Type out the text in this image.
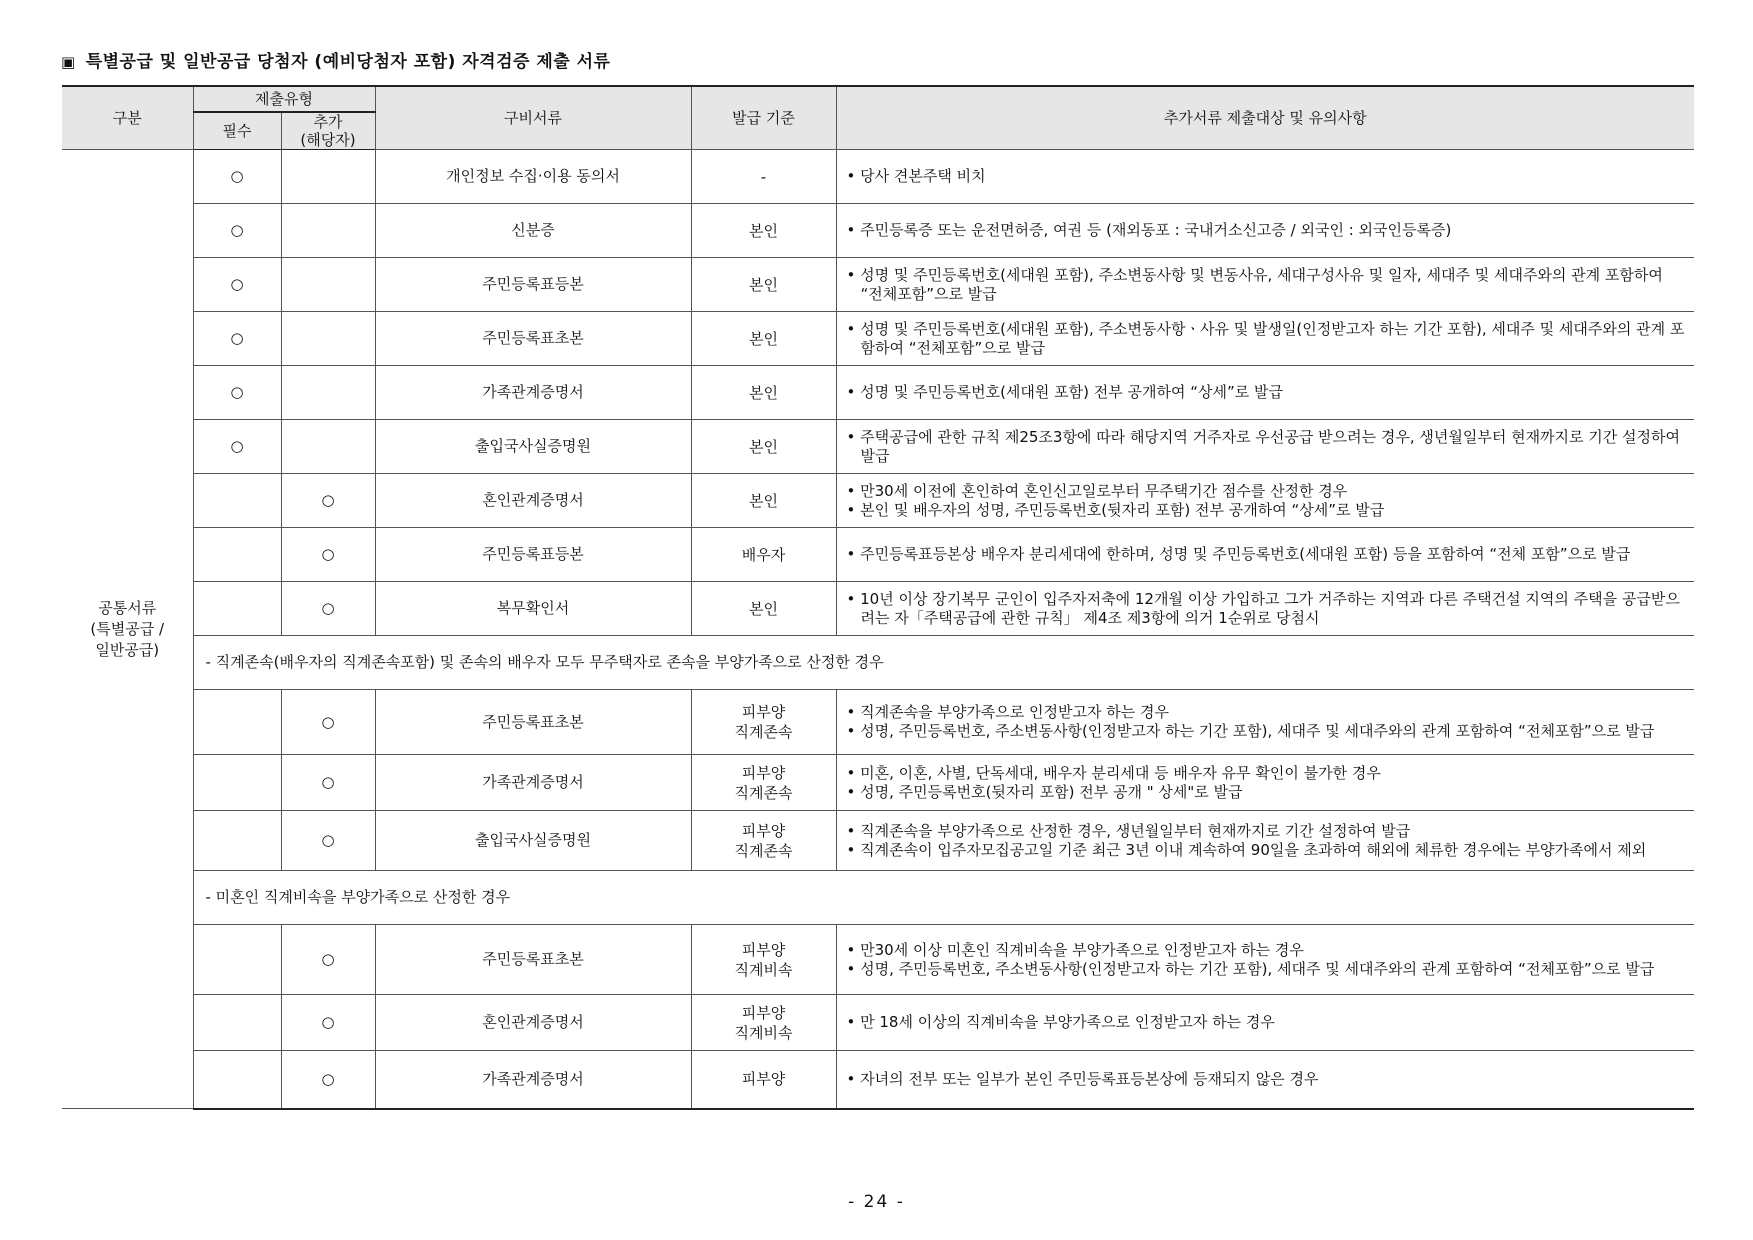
▣ 특별공급 및 일반공급 당첨자 (예비당첨자 포함) 자격검증 제출 서류
구분	제출유형		구비서류	발급 기준	추가서류 제출대상 및 유의사항
	필수	추가
(해당자)			
공통서류
(특별공급 /
일반공급)	○		개인정보 수집·이용 동의서	-	• 당사 견본주택 비치

	○		신분증	본인	• 주민등록증 또는 운전면허증, 여권 등 (재외동포 : 국내거소신고증 / 외국인 : 외국인등록증)

	○		주민등록표등본	본인	• 성명 및 주민등록번호(세대원 포함), 주소변동사항 및 변동사유, 세대구성사유 및 일자, 세대주 및 세대주와의 관계 포함하여 “전체포함”으로 발급

	○		주민등록표초본	본인	• 성명 및 주민등록번호(세대원 포함), 주소변동사항ㆍ사유 및 발생일(인정받고자 하는 기간 포함), 세대주 및 세대주와의 관계 포함하여 “전체포함”으로 발급

	○		가족관계증명서	본인	• 성명 및 주민등록번호(세대원 포함) 전부 공개하여 “상세”로 발급

	○		출입국사실증명원	본인	• 주택공급에 관한 규칙 제25조3항에 따라 해당지역 거주자로 우선공급 받으려는 경우, 생년월일부터 현재까지로 기간 설정하여 발급

		○	혼인관계증명서	본인	• 만30세 이전에 혼인하여 혼인신고일로부터 무주택기간 점수를 산정한 경우
• 본인 및 배우자의 성명, 주민등록번호(뒷자리 포함) 전부 공개하여 “상세”로 발급

		○	주민등록표등본	배우자	• 주민등록표등본상 배우자 분리세대에 한하며, 성명 및 주민등록번호(세대원 포함) 등을 포함하여 “전체 포함”으로 발급

		○	복무확인서	본인	• 10년 이상 장기복무 군인이 입주자저축에 12개월 이상 가입하고 그가 거주하는 지역과 다른 주택건설 지역의 주택을 공급받으려는 자「주택공급에 관한 규칙」 제4조 제3항에 의거 1순위로 당첨시

	- 직계존속(배우자의 직계존속포함) 및 존속의 배우자 모두 무주택자로 존속을 부양가족으로 산정한 경우				
		○	주민등록표초본	피부양
직계존속	• 직계존속을 부양가족으로 인정받고자 하는 경우
• 성명, 주민등록번호, 주소변동사항(인정받고자 하는 기간 포함), 세대주 및 세대주와의 관계 포함하여 “전체포함”으로 발급

		○	가족관계증명서	피부양
직계존속	• 미혼, 이혼, 사별, 단독세대, 배우자 분리세대 등 배우자 유무 확인이 불가한 경우
• 성명, 주민등록번호(뒷자리 포함) 전부 공개 " 상세"로 발급

		○	출입국사실증명원	피부양
직계존속	• 직계존속을 부양가족으로 산정한 경우, 생년월일부터 현재까지로 기간 설정하여 발급
• 직계존속이 입주자모집공고일 기준 최근 3년 이내 계속하여 90일을 초과하여 해외에 체류한 경우에는 부양가족에서 제외

	- 미혼인 직계비속을 부양가족으로 산정한 경우				
		○	주민등록표초본	피부양
직계비속	• 만30세 이상 미혼인 직계비속을 부양가족으로 인정받고자 하는 경우
• 성명, 주민등록번호, 주소변동사항(인정받고자 하는 기간 포함), 세대주 및 세대주와의 관계 포함하여 “전체포함”으로 발급

		○	혼인관계증명서	피부양
직계비속	• 만 18세 이상의 직계비속을 부양가족으로 인정받고자 하는 경우

		○	가족관계증명서	피부양	• 자녀의 전부 또는 일부가 본인 주민등록표등본상에 등재되지 않은 경우
- 24 -
